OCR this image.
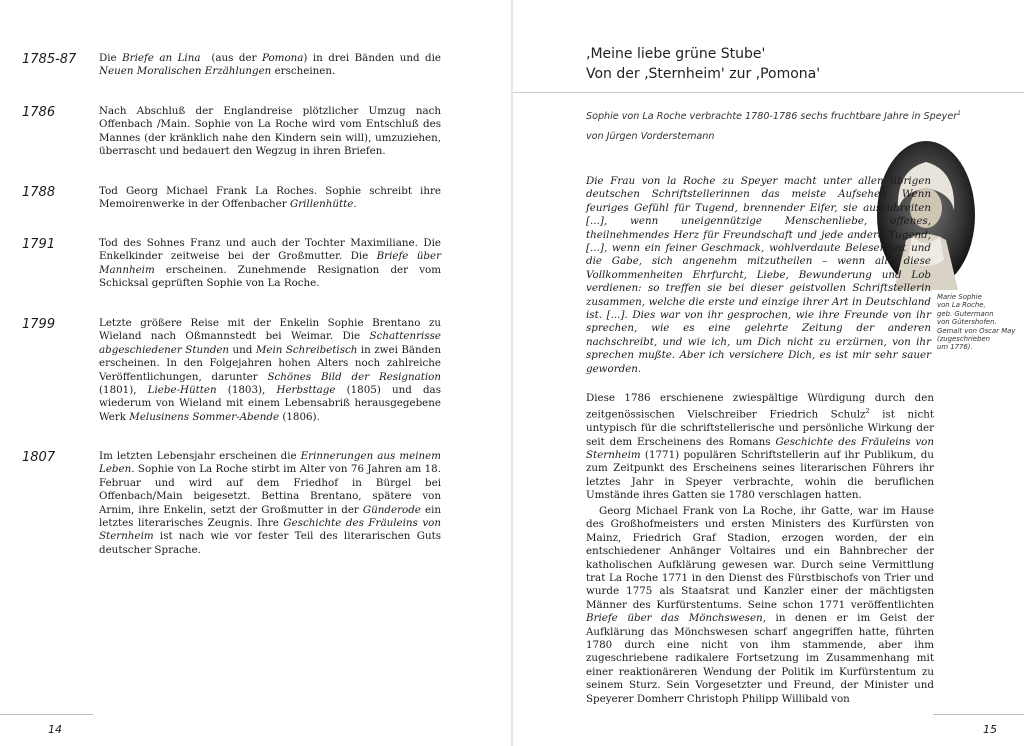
1785-87 Die Briefe an Lina  (aus der Pomona) in drei Bänden und die Neuen Moralischen Erzählungen erscheinen.
1786	Nach Abschluß der Englandreise plötzlicher Umzug nach Offenbach /Main. Sophie von La Roche wird vom Entschluß des Mannes (der kränklich nahe den Kindern sein will), umzuziehen, überrascht und bedauert den Wegzug in ihren Briefen.
1788	Tod Georg Michael Frank La Roches. Sophie schreibt ihre Memoirenwerke in der Offenbacher Grillenhütte.
1791	Tod des Sohnes Franz und auch der Tochter Maximiliane. Die Enkelkinder zeitweise bei der Großmutter. Die Briefe über Mannheim erscheinen. Zunehmende Resignation der vom Schicksal geprüften Sophie von La Roche.
1799	Letzte größere Reise mit der Enkelin Sophie Brentano zu Wieland nach Oßmannstedt bei Weimar. Die Schattenrisse abgeschiedener Stunden und Mein Schreibetisch in zwei Bänden erscheinen. In den Folgejahren hohen Alters noch zahlreiche Veröffentlichungen, darunter Schönes Bild der Resignation (1801), Liebe-Hütten (1803), Herbsttage (1805) und das wiederum von Wieland mit einem Lebensabriß herausgegebene Werk Melusinens Sommer-Abende (1806).
1807	Im letzten Lebensjahr erscheinen die Erinnerungen aus meinem Leben. Sophie von La Roche stirbt im Alter von 76 Jahren am 18. Februar und wird auf dem Friedhof in Bürgel bei Offenbach/Main beigesetzt. Bettina Brentano, spätere von Arnim, ihre Enkelin, setzt der Großmutter in der Günderode ein letztes literarisches Zeugnis. Ihre Geschichte des Fräuleins von Sternheim ist nach wie vor fester Teil des literarischen Guts deutscher Sprache.
14
‚Meine liebe grüne Stube'
Von der ‚Sternheim' zur ‚Pomona'
Sophie von La Roche verbrachte 1780-1786 sechs fruchtbare Jahre in Speyer$^1$
von Jürgen Vorderstemann
Die Frau von la Roche zu Speyer macht unter allen übrigen deutschen Schriftstellerinnen das meiste Aufsehen. Wenn feuriges Gefühl für Tugend, brennender Eifer, sie auszubreiten [...], wenn uneigennützige Menschenliebe, offenes, theilnehmendes Herz für Freundschaft und jede andere Tugend, [...], wenn ein feiner Geschmack, wohlverdaute Belesenheit und die Gabe, sich angenehm mitzutheilen – wenn alle diese Vollkommenheiten Ehrfurcht, Liebe, Bewunderung und Lob verdienen: so treffen sie bei dieser geistvollen Schriftstellerin zusammen, welche die erste und einzige ihrer Art in Deutschland ist. [...]. Dies war von ihr gesprochen, wie ihre Freunde von ihr sprechen, wie es eine gelehrte Zeitung der anderen nachschreibt, und wie ich, um Dich nicht zu erzürnen, von ihr sprechen mußte. Aber ich versichere Dich, es ist mir sehr sauer geworden.
Marie Sophie
von La Roche,
geb. Gutermann
von Gütershofen.
Gemalt von Oscar May
(zugeschrieben
um 1776).
Diese 1786 erschienene zwiespältige Würdigung durch den zeitgenössischen Vielschreiber Friedrich Schulz$^2$ ist nicht untypisch für die schriftstellerische und persönliche Wirkung der seit dem Erscheinens des Romans Geschichte des Fräuleins von Sternheim (1771) populären Schriftstellerin auf ihr Publikum, du zum Zeitpunkt des Erscheinens seines literarischen Führers ihr letztes Jahr in Speyer verbrachte, wohin die beruflichen Umstände ihres Gatten sie 1780 verschlagen hatten.
Georg Michael Frank von La Roche, ihr Gatte, war im Hause des Großhofmeisters und ersten Ministers des Kurfürsten von Mainz, Friedrich Graf Stadion, erzogen worden, der ein entschiedener Anhänger Voltaires und ein Bahnbrecher der katholischen Aufklärung gewesen war. Durch seine Vermittlung trat La Roche 1771 in den Dienst des Fürstbischofs von Trier und wurde 1775 als Staatsrat und Kanzler einer der mächtigsten Männer des Kurfürstentums. Seine schon 1771 veröffentlichten Briefe über das Mönchswesen, in denen er im Geist der Aufklärung das Mönchswesen scharf angegriffen hatte, führten 1780 durch eine nicht von ihm stammende, aber ihm zugeschriebene radikalere Fortsetzung im Zusammenhang mit einer reaktionäreren Wendung der Politik im Kurfürstentum zu seinem Sturz. Sein Vorgesetzter und Freund, der Minister und Speyerer Domherr Christoph Philipp Willibald von
15
